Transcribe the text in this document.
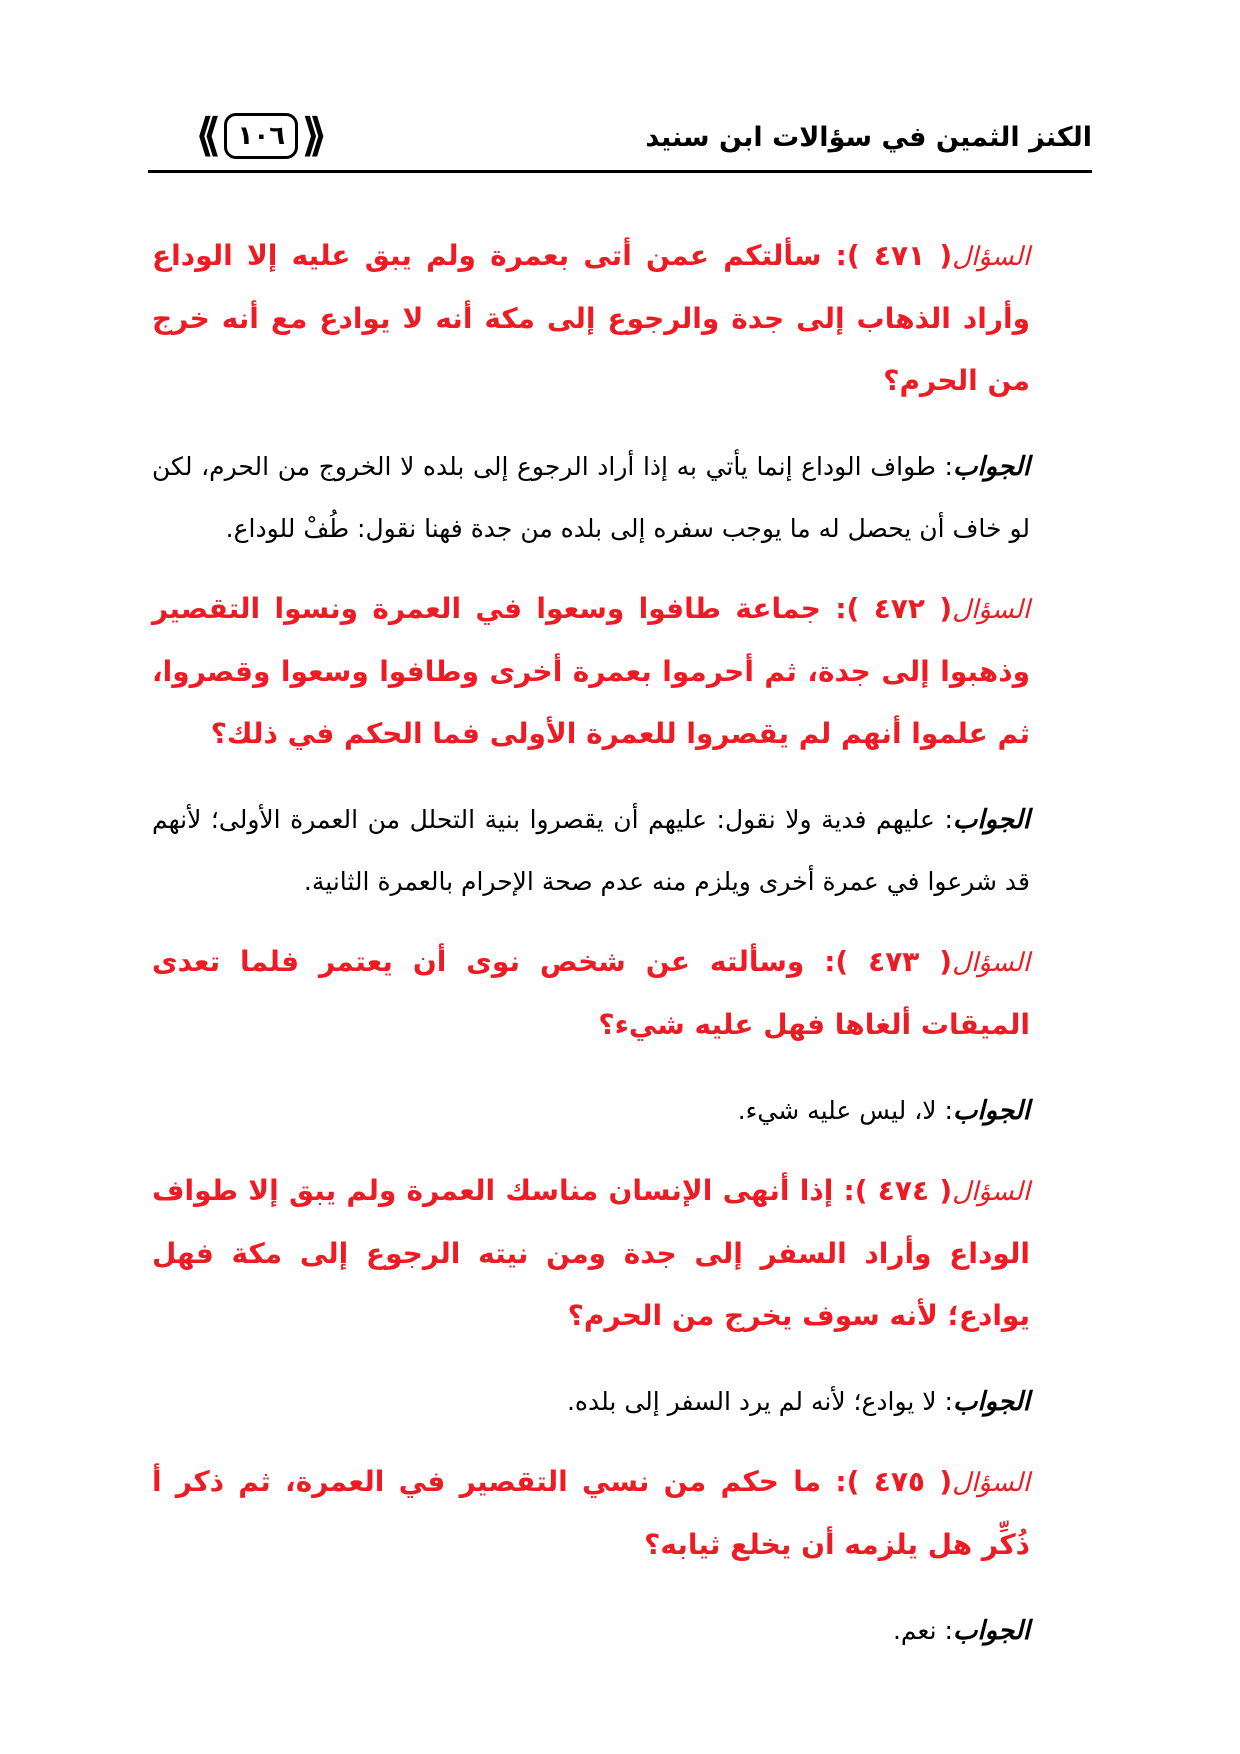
الكنز الثمين في سؤالات ابن سنيد
⟪ ١٠٦ ⟫

السؤال( ٤٧١ ): سألتكم عمن أتى بعمرة ولم يبق عليه إلا الوداع وأراد الذهاب إلى جدة والرجوع إلى مكة أنه لا يوادع مع أنه خرج من الحرم؟

الجواب: طواف الوداع إنما يأتي به إذا أراد الرجوع إلى بلده لا الخروج من الحرم، لكن لو خاف أن يحصل له ما يوجب سفره إلى بلده من جدة فهنا نقول: طُفْ للوداع.

السؤال( ٤٧٢ ): جماعة طافوا وسعوا في العمرة ونسوا التقصير وذهبوا إلى جدة، ثم أحرموا بعمرة أخرى وطافوا وسعوا وقصروا، ثم علموا أنهم لم يقصروا للعمرة الأولى فما الحكم في ذلك؟

الجواب: عليهم فدية ولا نقول: عليهم أن يقصروا بنية التحلل من العمرة الأولى؛ لأنهم قد شرعوا في عمرة أخرى ويلزم منه عدم صحة الإحرام بالعمرة الثانية.

السؤال( ٤٧٣ ): وسألته عن شخص نوى أن يعتمر فلما تعدى الميقات ألغاها فهل عليه شيء؟

الجواب: لا، ليس عليه شيء.

السؤال( ٤٧٤ ): إذا أنهى الإنسان مناسك العمرة ولم يبق إلا طواف الوداع وأراد السفر إلى جدة ومن نيته الرجوع إلى مكة فهل يوادع؛ لأنه سوف يخرج من الحرم؟

الجواب: لا يوادع؛ لأنه لم يرد السفر إلى بلده.

السؤال( ٤٧٥ ): ما حكم من نسي التقصير في العمرة، ثم ذكر أ ذُكِّر هل يلزمه أن يخلع ثيابه؟

الجواب: نعم.
